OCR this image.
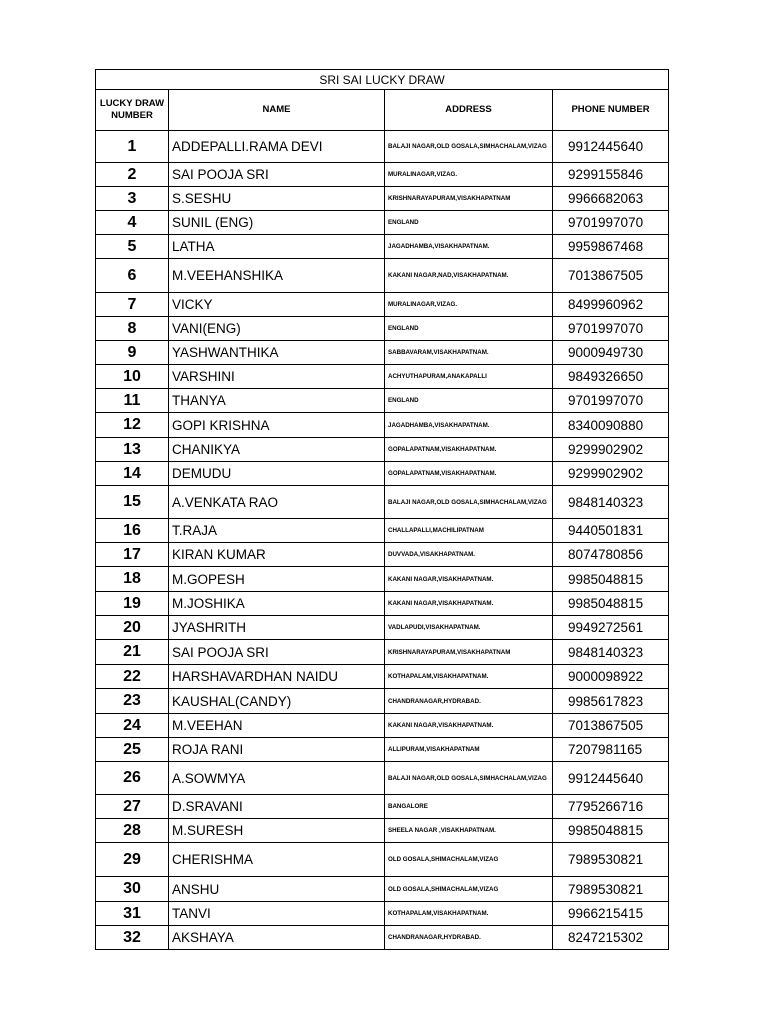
SRI SAI LUCKY DRAW			
LUCKY DRAW NUMBER	NAME	ADDRESS	PHONE NUMBER
1	ADDEPALLI.RAMA DEVI	BALAJI NAGAR,OLD GOSALA,SIMHACHALAM,VIZAG	9912445640
2	SAI POOJA SRI	MURALINAGAR,VIZAG.	9299155846
3	S.SESHU	KRISHNARAYAPURAM,VISAKHAPATNAM	9966682063
4	SUNIL (ENG)	ENGLAND	9701997070
5	LATHA	JAGADHAMBA,VISAKHAPATNAM.	9959867468
6	M.VEEHANSHIKA	KAKANI NAGAR,NAD,VISAKHAPATNAM.	7013867505
7	VICKY	MURALINAGAR,VIZAG.	8499960962
8	VANI(ENG)	ENGLAND	9701997070
9	YASHWANTHIKA	SABBAVARAM,VISAKHAPATNAM.	9000949730
10	VARSHINI	ACHYUTHAPURAM,ANAKAPALLI	9849326650
11	THANYA	ENGLAND	9701997070
12	GOPI KRISHNA	JAGADHAMBA,VISAKHAPATNAM.	8340090880
13	CHANIKYA	GOPALAPATNAM,VISAKHAPATNAM.	9299902902
14	DEMUDU	GOPALAPATNAM,VISAKHAPATNAM.	9299902902
15	A.VENKATA RAO	BALAJI NAGAR,OLD GOSALA,SIMHACHALAM,VIZAG	9848140323
16	T.RAJA	CHALLAPALLI,MACHILIPATNAM	9440501831
17	KIRAN KUMAR	DUVVADA,VISAKHAPATNAM.	8074780856
18	M.GOPESH	KAKANI NAGAR,VISAKHAPATNAM.	9985048815
19	M.JOSHIKA	KAKANI NAGAR,VISAKHAPATNAM.	9985048815
20	JYASHRITH	VADLAPUDI,VISAKHAPATNAM.	9949272561
21	SAI POOJA SRI	KRISHNARAYAPURAM,VISAKHAPATNAM	9848140323
22	HARSHAVARDHAN NAIDU	KOTHAPALAM,VISAKHAPATNAM.	9000098922
23	KAUSHAL(CANDY)	CHANDRANAGAR,HYDRABAD.	9985617823
24	M.VEEHAN	KAKANI NAGAR,VISAKHAPATNAM.	7013867505
25	ROJA RANI	ALLIPURAM,VISAKHAPATNAM	7207981165
26	A.SOWMYA	BALAJI NAGAR,OLD GOSALA,SIMHACHALAM,VIZAG	9912445640
27	D.SRAVANI	BANGALORE	7795266716
28	M.SURESH	SHEELA NAGAR ,VISAKHAPATNAM.	9985048815
29	CHERISHMA	OLD GOSALA,SHIMACHALAM,VIZAG	7989530821
30	ANSHU	OLD GOSALA,SHIMACHALAM,VIZAG	7989530821
31	TANVI	KOTHAPALAM,VISAKHAPATNAM.	9966215415
32	AKSHAYA	CHANDRANAGAR,HYDRABAD.	8247215302
